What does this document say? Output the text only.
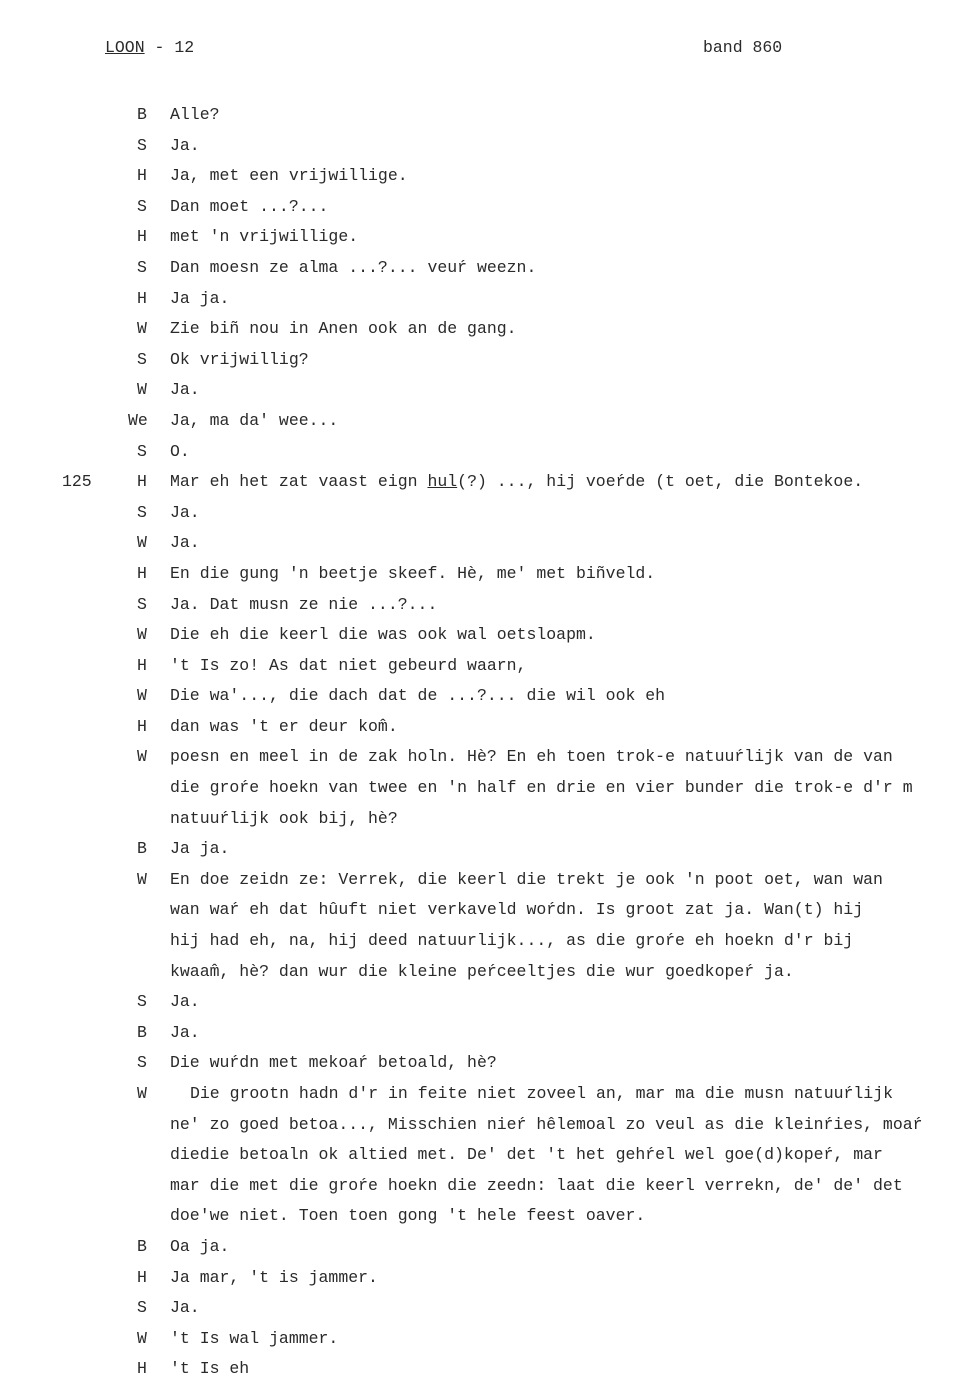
LOON - 12	band 860
B	Alle?
S	Ja.
H	Ja, met een vrijwillige.
S	Dan moet ...?...
H	met 'n vrijwillige.
S	Dan moesn ze alma ...?... veuŕ weezn.
H	Ja ja.
W	Zie biñ nou in Anen ook an de gang.
S	Ok vrijwillig?
W	Ja.
We	Ja, ma da' wee...
S	O.
125	H	Mar eh het zat vaast eign hul(?) ..., hij voeŕde (t oet, die Bontekoe.
S	Ja.
W	Ja.
H	En die gung 'n beetje skeef. Hè, me' met biñveld.
S	Ja. Dat musn ze nie ...?...
W	Die eh die keerl die was ook wal oetsloapm.
H	't Is zo! As dat niet gebeurd waarn,
W	Die wa'..., die dach dat de ...?... die wil ook eh
H	dan was 't er deur kom̂.
W	poesn en meel in de zak holn. Hè? En eh toen trok-e natuuŕlijk van de van
die groŕe hoekn van twee en 'n half en drie en vier bunder die trok-e d'r m
natuuŕlijk ook bij, hè?
B	Ja ja.
W	En doe zeidn ze: Verrek, die keerl die trekt je ook 'n poot oet, wan wan
wan waŕ eh dat hûuft niet verkaveld woŕdn. Is groot zat ja. Wan(t) hij
hij had eh, na, hij deed natuurlijk..., as die groŕe eh hoekn d'r bij
kwaam̂, hè? dan wur die kleine peŕceeltjes die wur goedkopeŕ ja.
S	Ja.
B	Ja.
S	Die wuŕdn met mekoaŕ betoald, hè?
W	Die grootn hadn d'r in feite niet zoveel an, mar ma die musn natuuŕlijk
ne' zo goed betoa..., Misschien nieŕ hêlemoal zo veul as die kleinŕies, moaŕ
diedie betoaln ok altied met. De' det 't het gehŕel wel goe(d)kopeŕ, mar
mar die met die groŕe hoekn die zeedn: laat die keerl verrekn, de' de' det
doe'we niet. Toen toen gong 't hele feest oaver.
B	Oa ja.
H	Ja mar, 't is jammer.
S	Ja.
W	't Is wal jammer.
H	't Is eh
